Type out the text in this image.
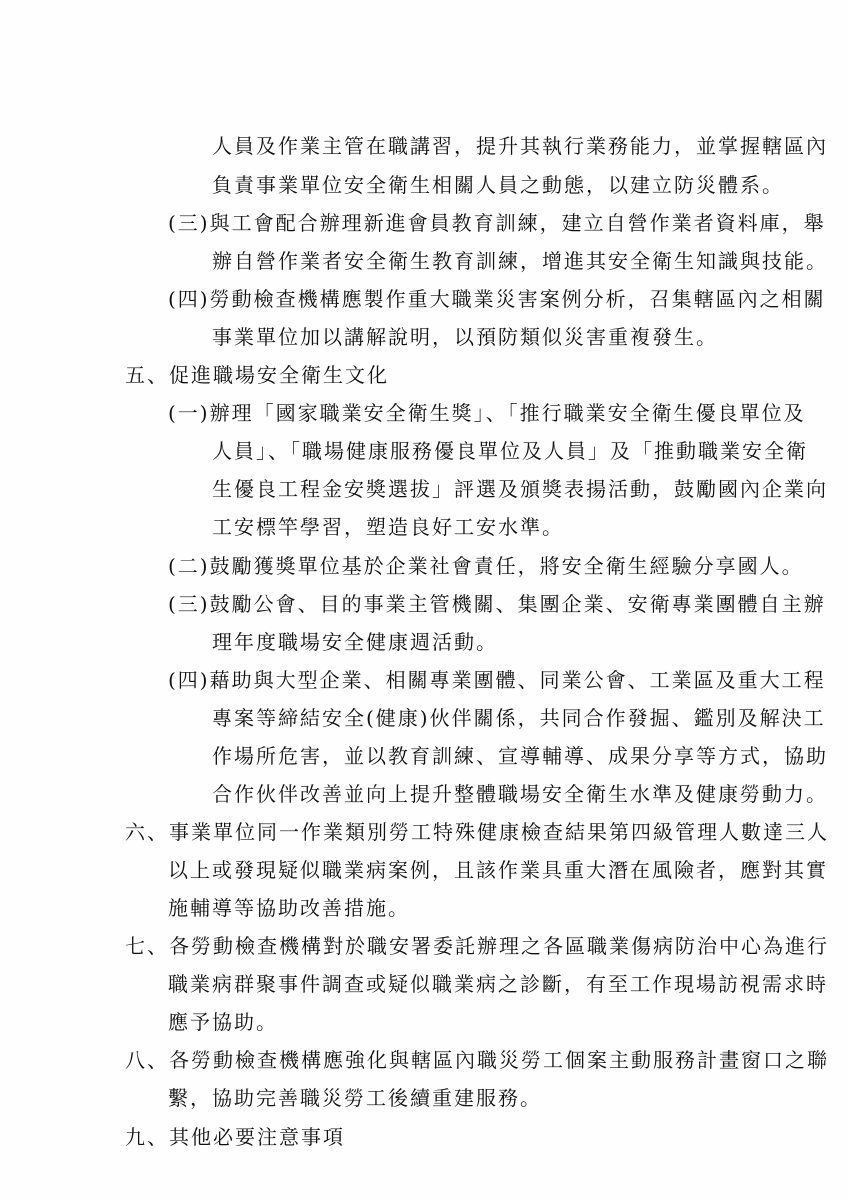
人員及作業主管在職講習，提升其執行業務能力，並掌握轄區內
負責事業單位安全衛生相關人員之動態，以建立防災體系。
(三)與工會配合辦理新進會員教育訓練，建立自營作業者資料庫，舉
辦自營作業者安全衛生教育訓練，增進其安全衛生知識與技能。
(四)勞動檢查機構應製作重大職業災害案例分析，召集轄區內之相關
事業單位加以講解說明，以預防類似災害重複發生。
五、促進職場安全衛生文化
(一)辦理「國家職業安全衛生獎」、「推行職業安全衛生優良單位及
人員」、「職場健康服務優良單位及人員」及「推動職業安全衛
生優良工程金安獎選拔」評選及頒獎表揚活動，鼓勵國內企業向
工安標竿學習，塑造良好工安水準。
(二)鼓勵獲獎單位基於企業社會責任，將安全衛生經驗分享國人。
(三)鼓勵公會、目的事業主管機關、集團企業、安衛專業團體自主辦
理年度職場安全健康週活動。
(四)藉助與大型企業、相關專業團體、同業公會、工業區及重大工程
專案等締結安全(健康)伙伴關係，共同合作發掘、鑑別及解決工
作場所危害，並以教育訓練、宣導輔導、成果分享等方式，協助
合作伙伴改善並向上提升整體職場安全衛生水準及健康勞動力。
六、事業單位同一作業類別勞工特殊健康檢查結果第四級管理人數達三人
以上或發現疑似職業病案例，且該作業具重大潛在風險者，應對其實
施輔導等協助改善措施。
七、各勞動檢查機構對於職安署委託辦理之各區職業傷病防治中心為進行
職業病群聚事件調查或疑似職業病之診斷，有至工作現場訪視需求時
應予協助。
八、各勞動檢查機構應強化與轄區內職災勞工個案主動服務計畫窗口之聯
繫，協助完善職災勞工後續重建服務。
九、其他必要注意事項
